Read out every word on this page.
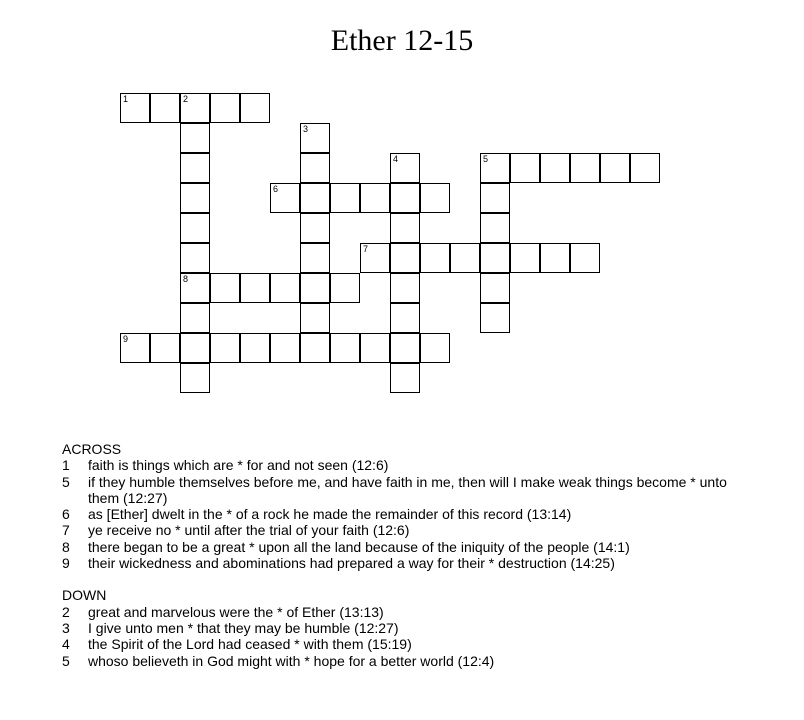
Ether 12-15
1	2
8
3
4	5
6
7
9
ACROSS
1	faith is things which are * for and not seen (12:6)
5	if they humble themselves before me, and have faith in me, then will I make weak things become * unto them (12:27)
6	as [Ether] dwelt in the * of a rock he made the remainder of this record (13:14)
7	ye receive no * until after the trial of your faith (12:6)
8	there began to be a great * upon all the land because of the iniquity of the people (14:1)
9	their wickedness and abominations had prepared a way for their * destruction (14:25)
DOWN
2	great and marvelous were the * of Ether (13:13)
3	I give unto men * that they may be humble (12:27)
4	the Spirit of the Lord had ceased * with them (15:19)
5	whoso believeth in God might with * hope for a better world (12:4)
